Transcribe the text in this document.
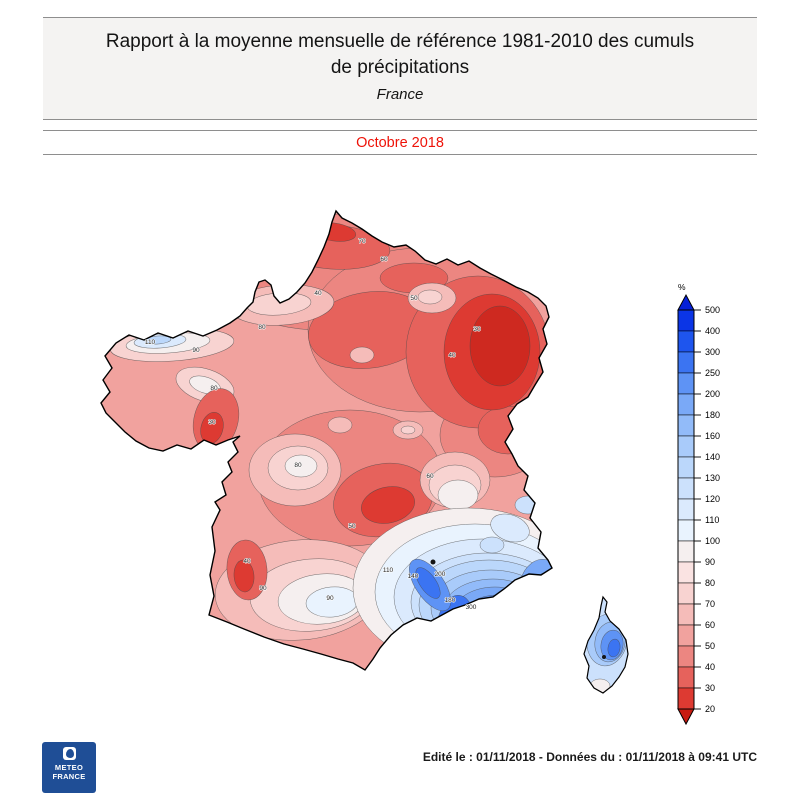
Rapport à la moyenne mensuelle de référence 1981-2010 des cumuls
de précipitations
France
Octobre 2018
70
60
40
50
30
40
80
110
90
80
30
80
60
50
40
90
90
110
140 200
180
300
500
400
300
250
200
180
160
140
130
120
110
100
90
80
70
60
50
40
30
20
%
METEO
FRANCE
Edité le : 01/11/2018 - Données du : 01/11/2018 à 09:41 UTC
